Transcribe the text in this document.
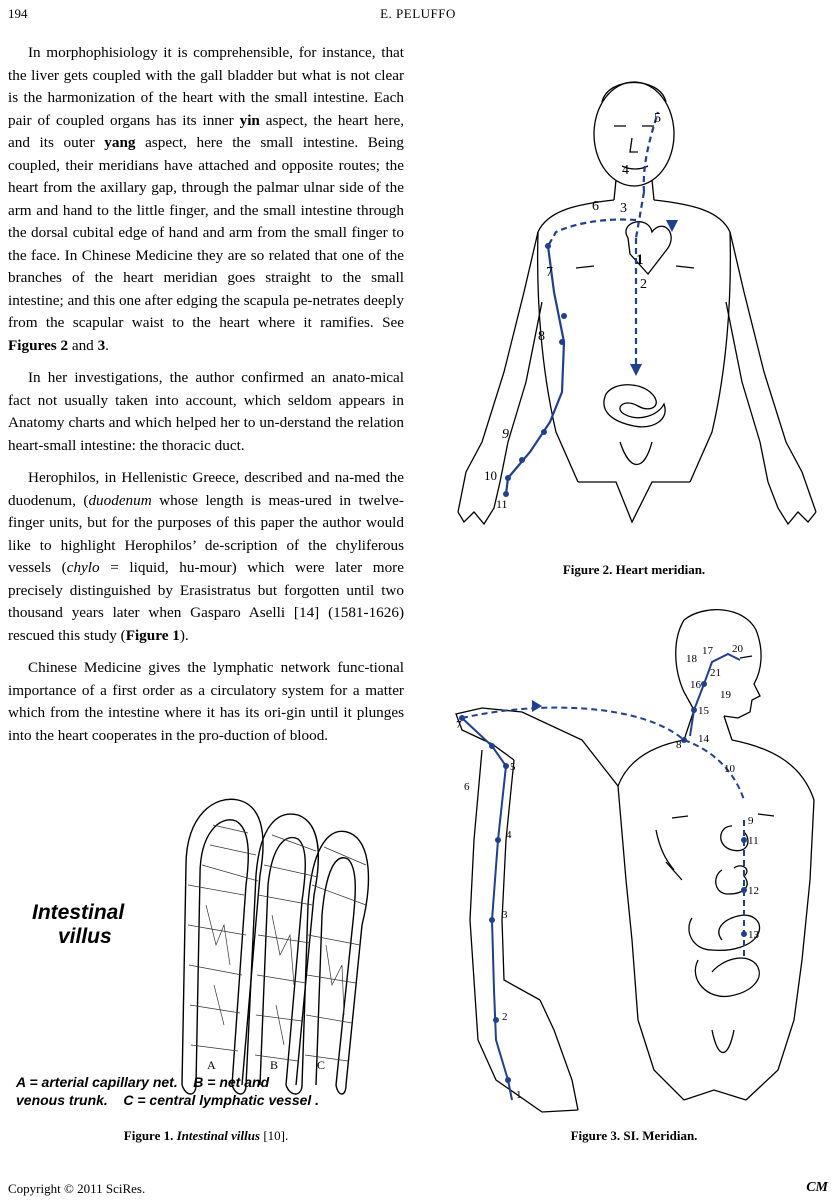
194	E. PELUFFO

In morphophisiology it is comprehensible, for instance, that the liver gets coupled with the gall bladder but what is not clear is the harmonization of the heart with the small intestine. Each pair of coupled organs has its inner yin aspect, the heart here, and its outer yang aspect, here the small intestine. Being coupled, their meridians have attached and opposite routes; the heart from the axillary gap, through the palmar ulnar side of the arm and hand to the little finger, and the small intestine through the dorsal cubital edge of hand and arm from the small finger to the face. In Chinese Medicine they are so related that one of the branches of the heart meridian goes straight to the small intestine; and this one after edging the scapula pe-netrates deeply from the scapular waist to the heart where it ramifies. See Figures 2 and 3.

In her investigations, the author confirmed an anato-mical fact not usually taken into account, which seldom appears in Anatomy charts and which helped her to un-derstand the relation heart-small intestine: the thoracic duct.

Herophilos, in Hellenistic Greece, described and na-med the duodenum, (duodenum whose length is meas-ured in twelve-finger units, but for the purposes of this paper the author would like to highlight Herophilos’ de-scription of the chyliferous vessels (chylo = liquid, hu-mour) which were later more precisely distinguished by Erasistratus but forgotten until two thousand years later when Gasparo Aselli [14] (1581-1626) rescued this study (Figure 1).

Chinese Medicine gives the lymphatic network func-tional importance of a first order as a circulatory system for a matter which from the intestine where it has its ori-gin until it plunges into the heart cooperates in the pro-duction of blood.

Intestinal
villus
A	B	C
A = arterial capillary net.    B = net and
venous trunk.    C = central lymphatic vessel .
Figure 1. Intestinal villus [10].
1
2
3
4
5
6
7
8
9
10
11
Figure 2. Heart meridian.
1
2
3
4
5
6
7
8
9
10
11
12
13
14
15
16
17
18
19
20
21
Figure 3. SI. Meridian.
Copyright © 2011 SciRes.	CM
